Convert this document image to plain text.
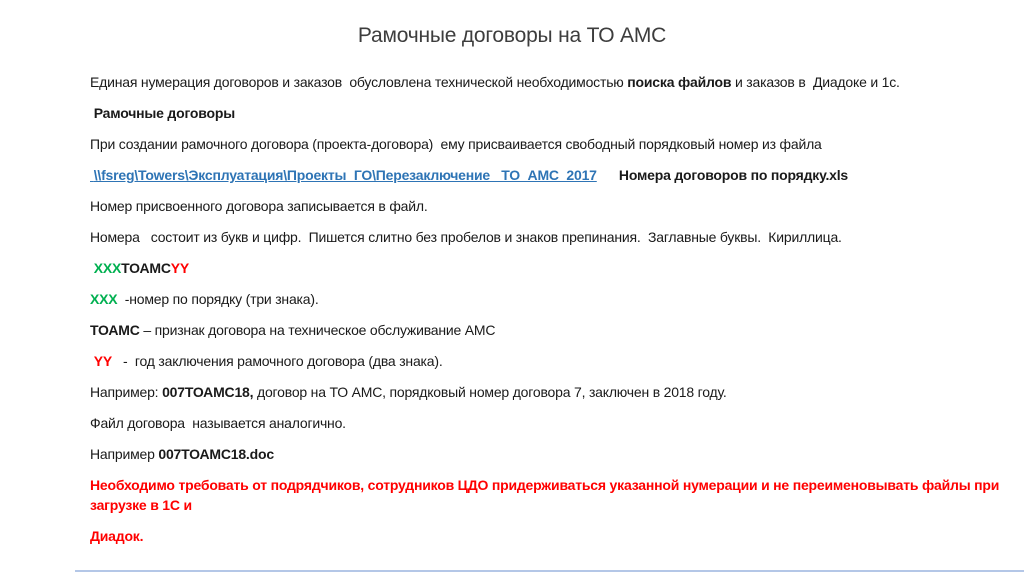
Рамочные договоры на ТО АМС
Единая нумерация договоров и заказов  обусловлена технической необходимостью поиска файлов и заказов в  Диадоке и 1с.
Рамочные договоры
При создании рамочного договора (проекта-договора)  ему присваивается свободный порядковый номер из файла
\\fsreg\Towers\Эксплуатация\Проекты_ГО\Перезаключение _ТО_АМС_2017 Номера договоров по порядку.xls
Номер присвоенного договора записывается в файл.
Номера   состоит из букв и цифр.  Пишется слитно без пробелов и знаков препинания.  Заглавные буквы.  Кириллица.
XXXТОАМСYY
XXX  -номер по порядку (три знака).
ТОАМС – признак договора на техническое обслуживание АМС
YY   -  год заключения рамочного договора (два знака).
Например: 007ТОАМС18, договор на ТО АМС, порядковый номер договора 7, заключен в 2018 году.
Файл договора  называется аналогично.
Например 007ТОАМС18.doc
Необходимо требовать от подрядчиков, сотрудников ЦДО придерживаться указанной нумерации и не переименовывать файлы при загрузке в 1С и
Диадок.
